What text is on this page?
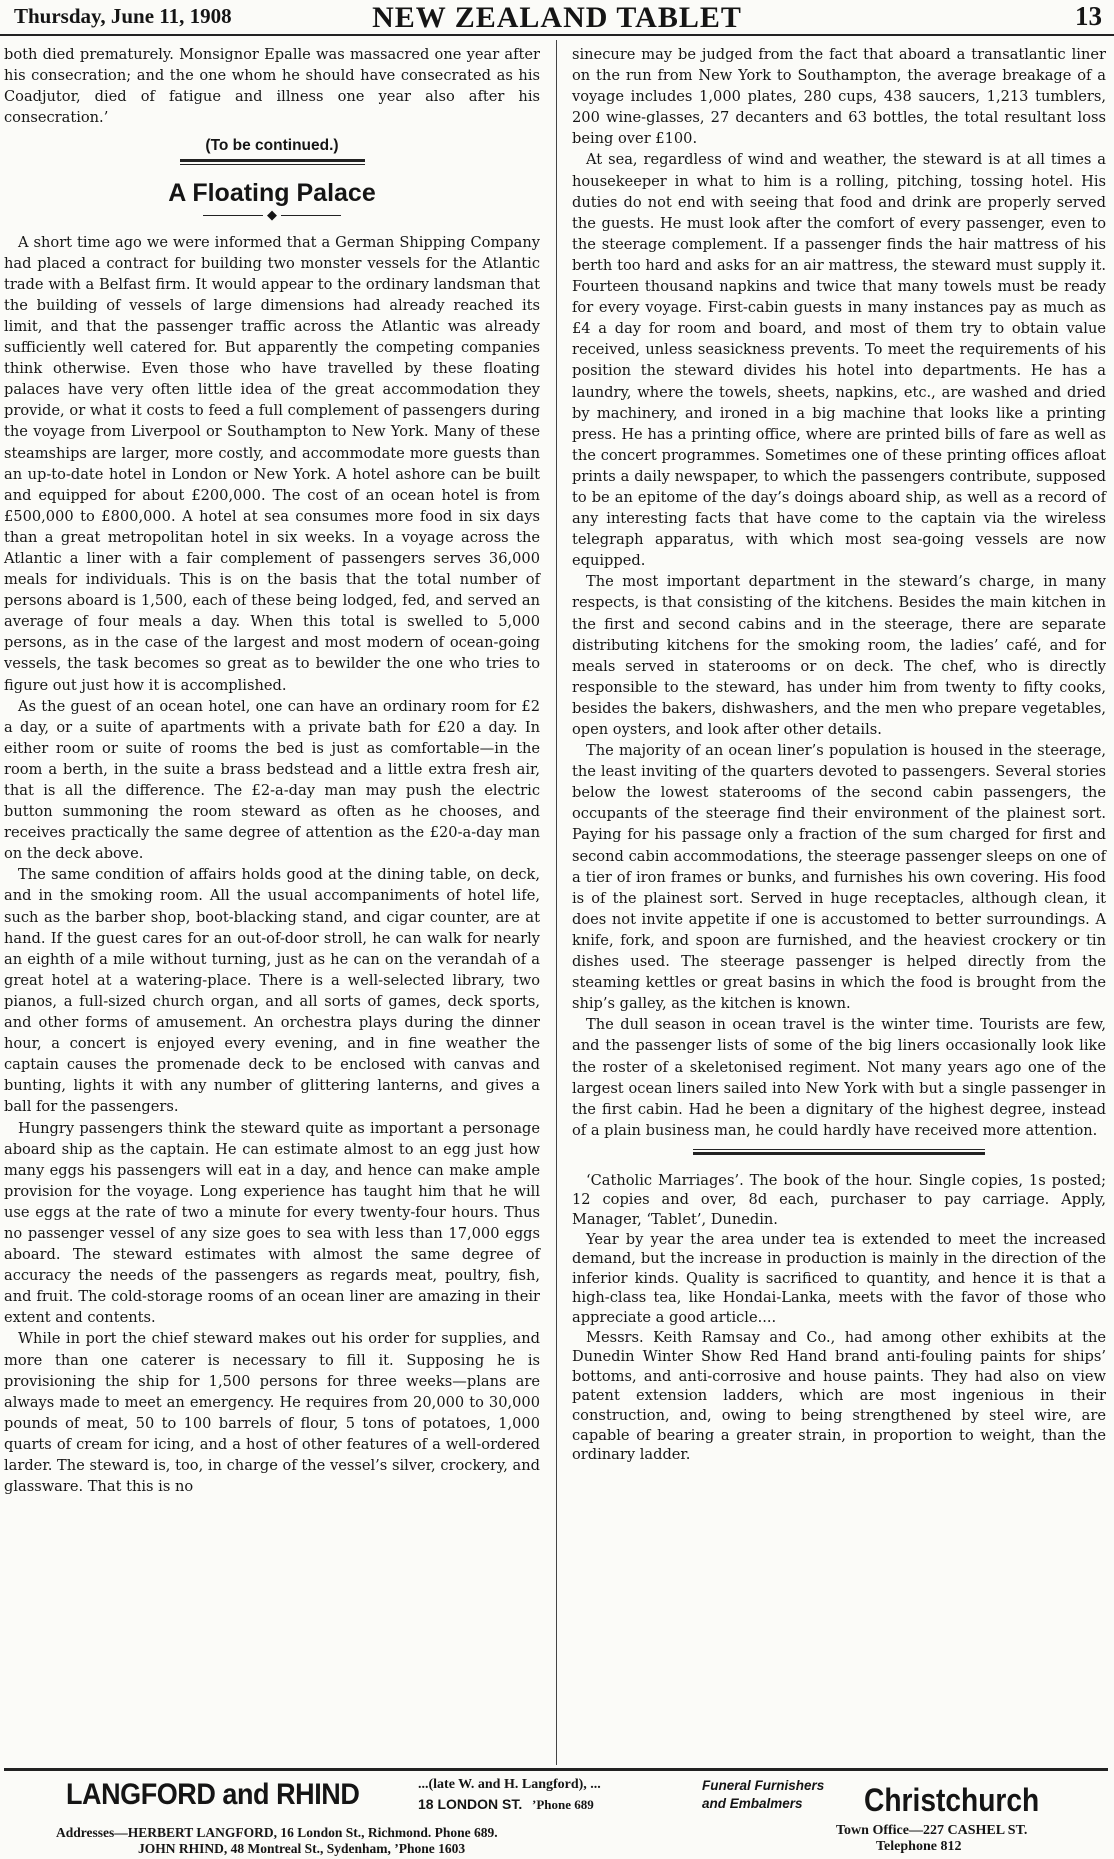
Thursday, June 11, 1908	NEW ZEALAND TABLET	13

both died prematurely. Monsignor Epalle was massacred one year after his consecration; and the one whom he should have consecrated as his Coadjutor, died of fatigue and illness one year also after his consecration.’

(To be continued.)
A Floating Palace
◆

A short time ago we were informed that a German Shipping Company had placed a contract for building two monster vessels for the Atlantic trade with a Belfast firm. It would appear to the ordinary landsman that the building of vessels of large dimensions had already reached its limit, and that the passenger traffic across the Atlantic was already sufficiently well catered for. But apparently the competing companies think otherwise. Even those who have travelled by these floating palaces have very often little idea of the great accommodation they provide, or what it costs to feed a full complement of passengers during the voyage from Liverpool or Southampton to New York. Many of these steamships are larger, more costly, and accommodate more guests than an up-to-date hotel in London or New York. A hotel ashore can be built and equipped for about £200,000. The cost of an ocean hotel is from £500,000 to £800,000. A hotel at sea consumes more food in six days than a great metropolitan hotel in six weeks. In a voyage across the Atlantic a liner with a fair complement of passengers serves 36,000 meals for individuals. This is on the basis that the total number of persons aboard is 1,500, each of these being lodged, fed, and served an average of four meals a day. When this total is swelled to 5,000 persons, as in the case of the largest and most modern of ocean-going vessels, the task becomes so great as to bewilder the one who tries to figure out just how it is accomplished.

As the guest of an ocean hotel, one can have an ordinary room for £2 a day, or a suite of apartments with a private bath for £20 a day. In either room or suite of rooms the bed is just as comfortable—in the room a berth, in the suite a brass bedstead and a little extra fresh air, that is all the difference. The £2-a-day man may push the electric button summoning the room steward as often as he chooses, and receives practically the same degree of attention as the £20-a-day man on the deck above.

The same condition of affairs holds good at the dining table, on deck, and in the smoking room. All the usual accompaniments of hotel life, such as the barber shop, boot-blacking stand, and cigar counter, are at hand. If the guest cares for an out-of-door stroll, he can walk for nearly an eighth of a mile without turning, just as he can on the verandah of a great hotel at a watering-place. There is a well-selected library, two pianos, a full-sized church organ, and all sorts of games, deck sports, and other forms of amusement. An orchestra plays during the dinner hour, a concert is enjoyed every evening, and in fine weather the captain causes the promenade deck to be enclosed with canvas and bunting, lights it with any number of glittering lanterns, and gives a ball for the passengers.

Hungry passengers think the steward quite as important a personage aboard ship as the captain. He can estimate almost to an egg just how many eggs his passengers will eat in a day, and hence can make ample provision for the voyage. Long experience has taught him that he will use eggs at the rate of two a minute for every twenty-four hours. Thus no passenger vessel of any size goes to sea with less than 17,000 eggs aboard. The steward estimates with almost the same degree of accuracy the needs of the passengers as regards meat, poultry, fish, and fruit. The cold-storage rooms of an ocean liner are amazing in their extent and contents.

While in port the chief steward makes out his order for supplies, and more than one caterer is necessary to fill it. Supposing he is provisioning the ship for 1,500 persons for three weeks—plans are always made to meet an emergency. He requires from 20,000 to 30,000 pounds of meat, 50 to 100 barrels of flour, 5 tons of potatoes, 1,000 quarts of cream for icing, and a host of other features of a well-ordered larder. The steward is, too, in charge of the vessel’s silver, crockery, and glassware. That this is no

sinecure may be judged from the fact that aboard a transatlantic liner on the run from New York to Southampton, the average breakage of a voyage includes 1,000 plates, 280 cups, 438 saucers, 1,213 tumblers, 200 wine-glasses, 27 decanters and 63 bottles, the total resultant loss being over £100.

At sea, regardless of wind and weather, the steward is at all times a housekeeper in what to him is a rolling, pitching, tossing hotel. His duties do not end with seeing that food and drink are properly served the guests. He must look after the comfort of every passenger, even to the steerage complement. If a passenger finds the hair mattress of his berth too hard and asks for an air mattress, the steward must supply it. Fourteen thousand napkins and twice that many towels must be ready for every voyage. First-cabin guests in many instances pay as much as £4 a day for room and board, and most of them try to obtain value received, unless seasickness prevents. To meet the requirements of his position the steward divides his hotel into departments. He has a laundry, where the towels, sheets, napkins, etc., are washed and dried by machinery, and ironed in a big machine that looks like a printing press. He has a printing office, where are printed bills of fare as well as the concert programmes. Sometimes one of these printing offices afloat prints a daily newspaper, to which the passengers contribute, supposed to be an epitome of the day’s doings aboard ship, as well as a record of any interesting facts that have come to the captain via the wireless telegraph apparatus, with which most sea-going vessels are now equipped.

The most important department in the steward’s charge, in many respects, is that consisting of the kitchens. Besides the main kitchen in the first and second cabins and in the steerage, there are separate distributing kitchens for the smoking room, the ladies’ café, and for meals served in staterooms or on deck. The chef, who is directly responsible to the steward, has under him from twenty to fifty cooks, besides the bakers, dishwashers, and the men who prepare vegetables, open oysters, and look after other details.

The majority of an ocean liner’s population is housed in the steerage, the least inviting of the quarters devoted to passengers. Several stories below the lowest staterooms of the second cabin passengers, the occupants of the steerage find their environment of the plainest sort. Paying for his passage only a fraction of the sum charged for first and second cabin accommodations, the steerage passenger sleeps on one of a tier of iron frames or bunks, and furnishes his own covering. His food is of the plainest sort. Served in huge receptacles, although clean, it does not invite appetite if one is accustomed to better surroundings. A knife, fork, and spoon are furnished, and the heaviest crockery or tin dishes used. The steerage passenger is helped directly from the steaming kettles or great basins in which the food is brought from the ship’s galley, as the kitchen is known.

The dull season in ocean travel is the winter time. Tourists are few, and the passenger lists of some of the big liners occasionally look like the roster of a skeletonised regiment. Not many years ago one of the largest ocean liners sailed into New York with but a single passenger in the first cabin. Had he been a dignitary of the highest degree, instead of a plain business man, he could hardly have received more attention.

‘Catholic Marriages’. The book of the hour. Single copies, 1s posted; 12 copies and over, 8d each, purchaser to pay carriage. Apply, Manager, ‘Tablet’, Dunedin.

Year by year the area under tea is extended to meet the increased demand, but the increase in production is mainly in the direction of the inferior kinds. Quality is sacrificed to quantity, and hence it is that a high-class tea, like Hondai-Lanka, meets with the favor of those who appreciate a good article....

Messrs. Keith Ramsay and Co., had among other exhibits at the Dunedin Winter Show Red Hand brand anti-fouling paints for ships’ bottoms, and anti-corrosive and house paints. They had also on view patent extension ladders, which are most ingenious in their construction, and, owing to being strengthened by steel wire, are capable of bearing a greater strain, in proportion to weight, than the ordinary ladder.

LANGFORD and RHIND	...(late W. and H. Langford), ...
18 LONDON ST. ’Phone 689
Funeral Furnishers
and Embalmers	Christchurch
Addresses—HERBERT LANGFORD, 16 London St., Richmond. Phone 689.
JOHN RHIND, 48 Montreal St., Sydenham, ’Phone 1603
Town Office—227 CASHEL ST.
Telephone 812
